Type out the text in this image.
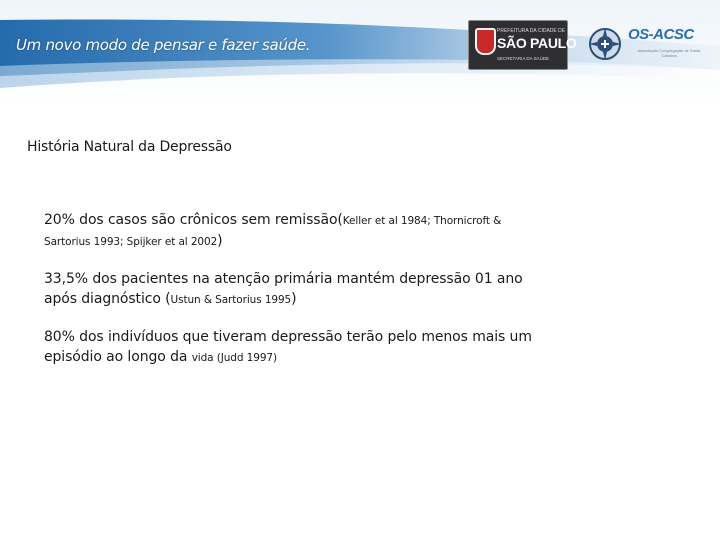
Um novo modo de pensar e fazer saúde.
PREFEITURA DA CIDADE DE
SÃO PAULO
SECRETARIA DA SAÚDE
OS-ACSC
Associação Congregação de Santa Catarina
História Natural da Depressão
20% dos casos são crônicos sem remissão(Keller et al 1984; Thornicroft & Sartorius 1993; Spijker et al 2002)
33,5% dos pacientes na atenção primária mantém depressão 01 ano após diagnóstico (Ustun & Sartorius 1995)
80% dos indivíduos que tiveram depressão terão pelo menos mais um episódio ao longo da vida (Judd 1997)
